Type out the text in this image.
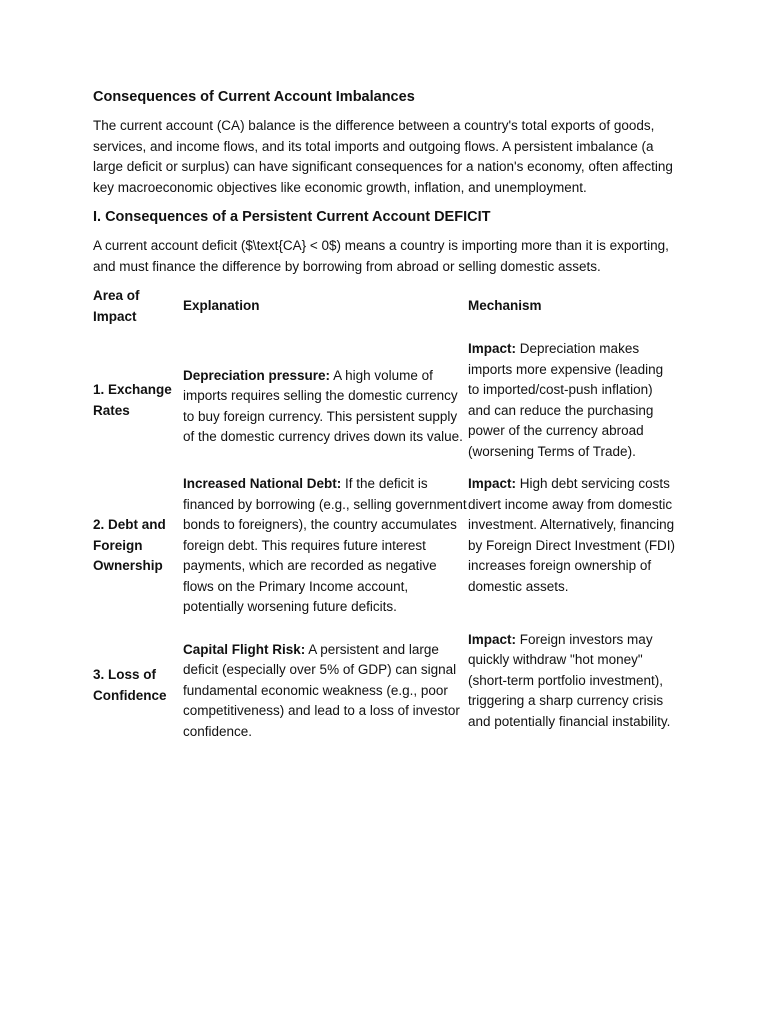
Consequences of Current Account Imbalances

The current account (CA) balance is the difference between a country's total exports of goods, services, and income flows, and its total imports and outgoing flows. A persistent imbalance (a large deficit or surplus) can have significant consequences for a nation's economy, often affecting key macroeconomic objectives like economic growth, inflation, and unemployment.

I. Consequences of a Persistent Current Account DEFICIT

A current account deficit ($\text{CA} < 0$) means a country is importing more than it is exporting, and must finance the difference by borrowing from abroad or selling domestic assets.

Area of Impact	Explanation	Mechanism
1. Exchange Rates	Depreciation pressure: A high volume of imports requires selling the domestic currency to buy foreign currency. This persistent supply of the domestic currency drives down its value.	Impact: Depreciation makes imports more expensive (leading to imported/cost-push inflation) and can reduce the purchasing power of the currency abroad (worsening Terms of Trade).
2. Debt and Foreign Ownership	Increased National Debt: If the deficit is financed by borrowing (e.g., selling government bonds to foreigners), the country accumulates foreign debt. This requires future interest payments, which are recorded as negative flows on the Primary Income account, potentially worsening future deficits.	Impact: High debt servicing costs divert income away from domestic investment. Alternatively, financing by Foreign Direct Investment (FDI) increases foreign ownership of domestic assets.
3. Loss of Confidence	Capital Flight Risk: A persistent and large deficit (especially over 5% of GDP) can signal fundamental economic weakness (e.g., poor competitiveness) and lead to a loss of investor confidence.	Impact: Foreign investors may quickly withdraw "hot money" (short-term portfolio investment), triggering a sharp currency crisis and potentially financial instability.
